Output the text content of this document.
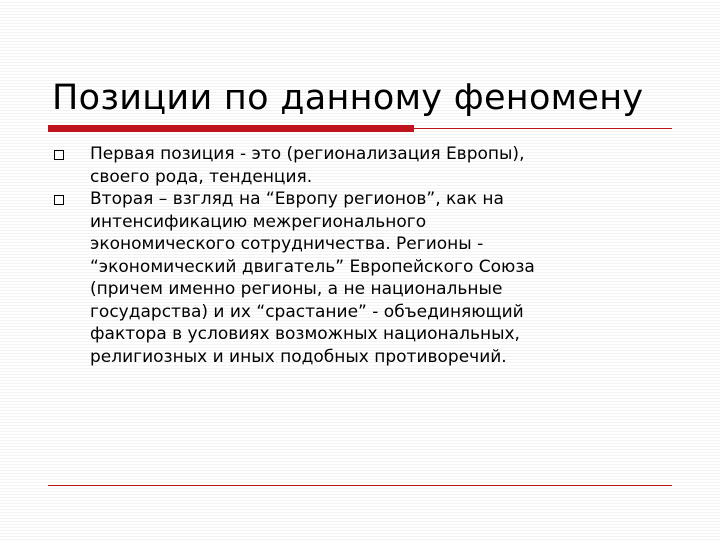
Позиции по данному феномену
Первая позиция - это (регионализация Европы),
своего рода, тенденция.
Вторая – взгляд на “Европу регионов”, как на
интенсификацию межрегионального
экономического сотрудничества. Регионы -
“экономический двигатель” Европейского Союза
(причем именно регионы, а не национальные
государства) и их “срастание” - объединяющий
фактора в условиях возможных национальных,
религиозных и иных подобных противоречий.
